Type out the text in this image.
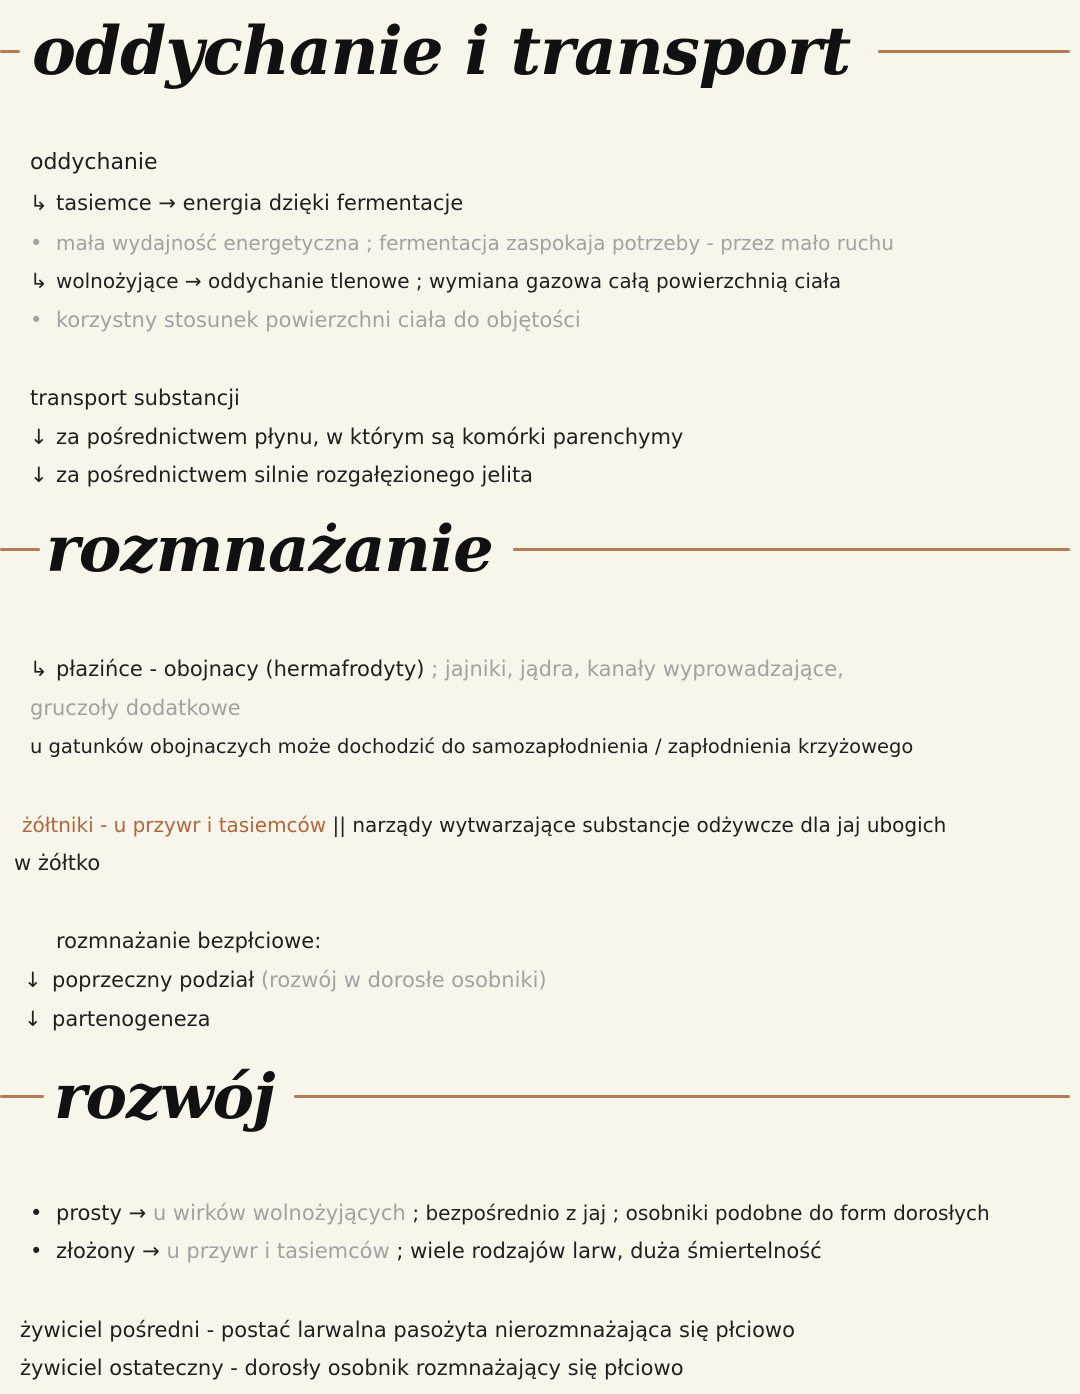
oddychanie i transport
oddychanie
↳ tasiemce → energia dzięki fermentacje
• mała wydajność energetyczna ; fermentacja zaspokaja potrzeby - przez mało ruchu
↳ wolnożyjące → oddychanie tlenowe ; wymiana gazowa całą powierzchnią ciała
• korzystny stosunek powierzchni ciała do objętości
transport substancji
↓ za pośrednictwem płynu, w którym są komórki parenchymy
↓ za pośrednictwem silnie rozgałęzionego jelita
rozmnażanie
↳ płazińce - obojnacy (hermafrodyty) ; jajniki, jądra, kanały wyprowadzające,
gruczoły dodatkowe
u gatunków obojnaczych może dochodzić do samozapłodnienia / zapłodnienia krzyżowego
żółtniki - u przywr i tasiemców || narządy wytwarzające substancje odżywcze dla jaj ubogich
w żółtko
rozmnażanie bezpłciowe:
↓ poprzeczny podział (rozwój w dorosłe osobniki)
↓ partenogeneza
rozwój
• prosty → u wirków wolnożyjących ; bezpośrednio z jaj ; osobniki podobne do form dorosłych
• złożony → u przywr i tasiemców ; wiele rodzajów larw, duża śmiertelność
żywiciel pośredni - postać larwalna pasożyta nierozmnażająca się płciowo
żywiciel ostateczny - dorosły osobnik rozmnażający się płciowo
